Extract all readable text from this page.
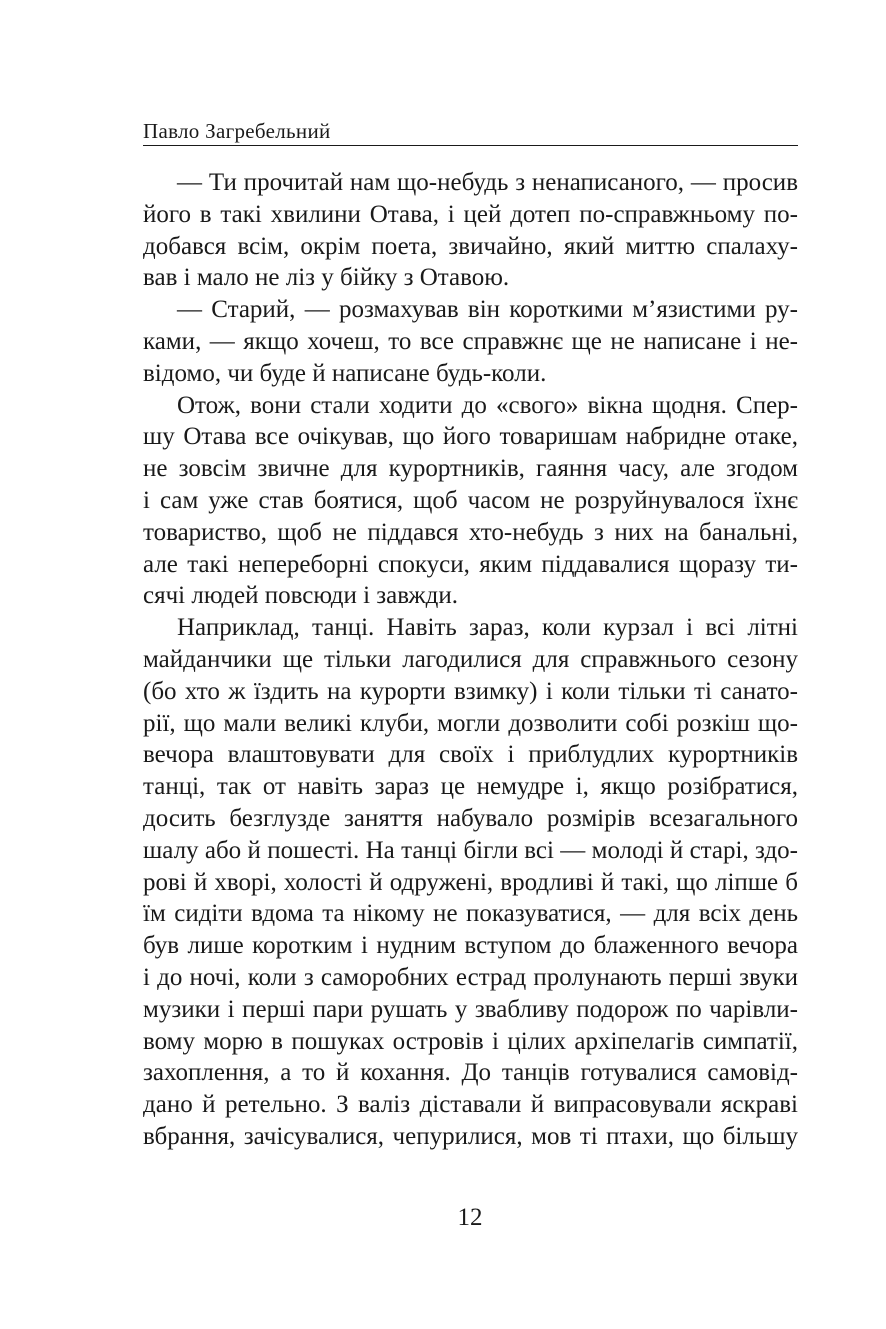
Павло Загребельний
— Ти прочитай нам що-небудь з ненаписаного, — просив
його в такі хвилини Отава, і цей дотеп по-справжньому по-
добався всім, окрім поета, звичайно, який миттю спалаху-
вав і мало не ліз у бійку з Отавою.
— Старий, — розмахував він короткими м’язистими ру-
ками, — якщо хочеш, то все справжнє ще не написане і не-
відомо, чи буде й написане будь-коли.
Отож, вони стали ходити до «свого» вікна щодня. Спер-
шу Отава все очікував, що його товаришам набридне отаке,
не зовсім звичне для курортників, гаяння часу, але згодом
і сам уже став боятися, щоб часом не розруйнувалося їхнє
товариство, щоб не піддався хто-небудь з них на банальні,
але такі непереборні спокуси, яким піддавалися щоразу ти-
сячі людей повсюди і завжди.
Наприклад, танці. Навіть зараз, коли курзал і всі літні
майданчики ще тільки лагодилися для справжнього сезону
(бо хто ж їздить на курорти взимку) і коли тільки ті санато-
рії, що мали великі клуби, могли дозволити собі розкіш що-
вечора влаштовувати для своїх і приблудлих курортників
танці, так от навіть зараз це немудре і, якщо розібратися,
досить безглузде заняття набувало розмірів всезагального
шалу або й пошесті. На танці бігли всі — молоді й старі, здо-
рові й хворі, холості й одружені, вродливі й такі, що ліпше б
їм сидіти вдома та нікому не показуватися, — для всіх день
був лише коротким і нудним вступом до блаженного вечора
і до ночі, коли з саморобних естрад пролунають перші звуки
музики і перші пари рушать у звабливу подорож по чарівли-
вому морю в пошуках островів і цілих архіпелагів симпатії,
захоплення, а то й кохання. До танців готувалися самовід-
дано й ретельно. З валіз діставали й випрасовували яскраві
вбрання, зачісувалися, чепурилися, мов ті птахи, що більшу
12
